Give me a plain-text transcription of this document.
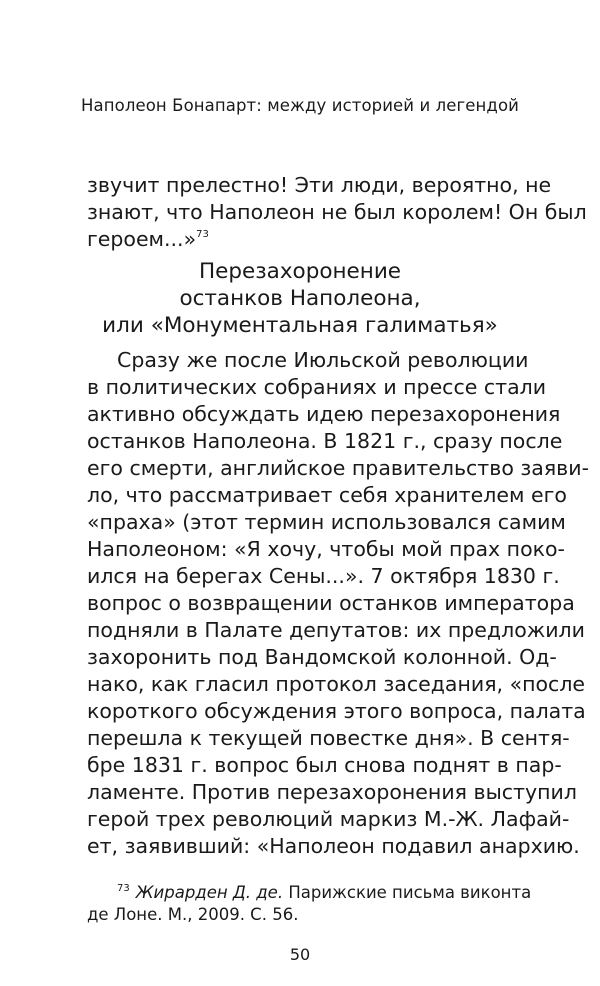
Наполеон Бонапарт: между историей и легендой
звучит прелестно! Эти люди, вероятно, не
знают, что Наполеон не был королем! Он был
героем...»$^{73}$
Перезахоронение
останков Наполеона,
или «Монументальная галиматья»
Сразу же после Июльской революции
в политических собраниях и прессе стали
активно обсуждать идею перезахоронения
останков Наполеона. В 1821 г., сразу после
его смерти, английское правительство заяви-
ло, что рассматривает себя хранителем его
«праха» (этот термин использовался самим
Наполеоном: «Я хочу, чтобы мой прах поко-
ился на берегах Сены...». 7 октября 1830 г.
вопрос о возвращении останков императора
подняли в Палате депутатов: их предложили
захоронить под Вандомской колонной. Од-
нако, как гласил протокол заседания, «после
короткого обсуждения этого вопроса, палата
перешла к текущей повестке дня». В сентя-
бре 1831 г. вопрос был снова поднят в пар-
ламенте. Против перезахоронения выступил
герой трех революций маркиз М.-Ж. Лафай-
ет, заявивший: «Наполеон подавил анархию.
$^{73}$ Жирарден Д. де. Парижские письма виконта
де Лоне. М., 2009. С. 56.
50
